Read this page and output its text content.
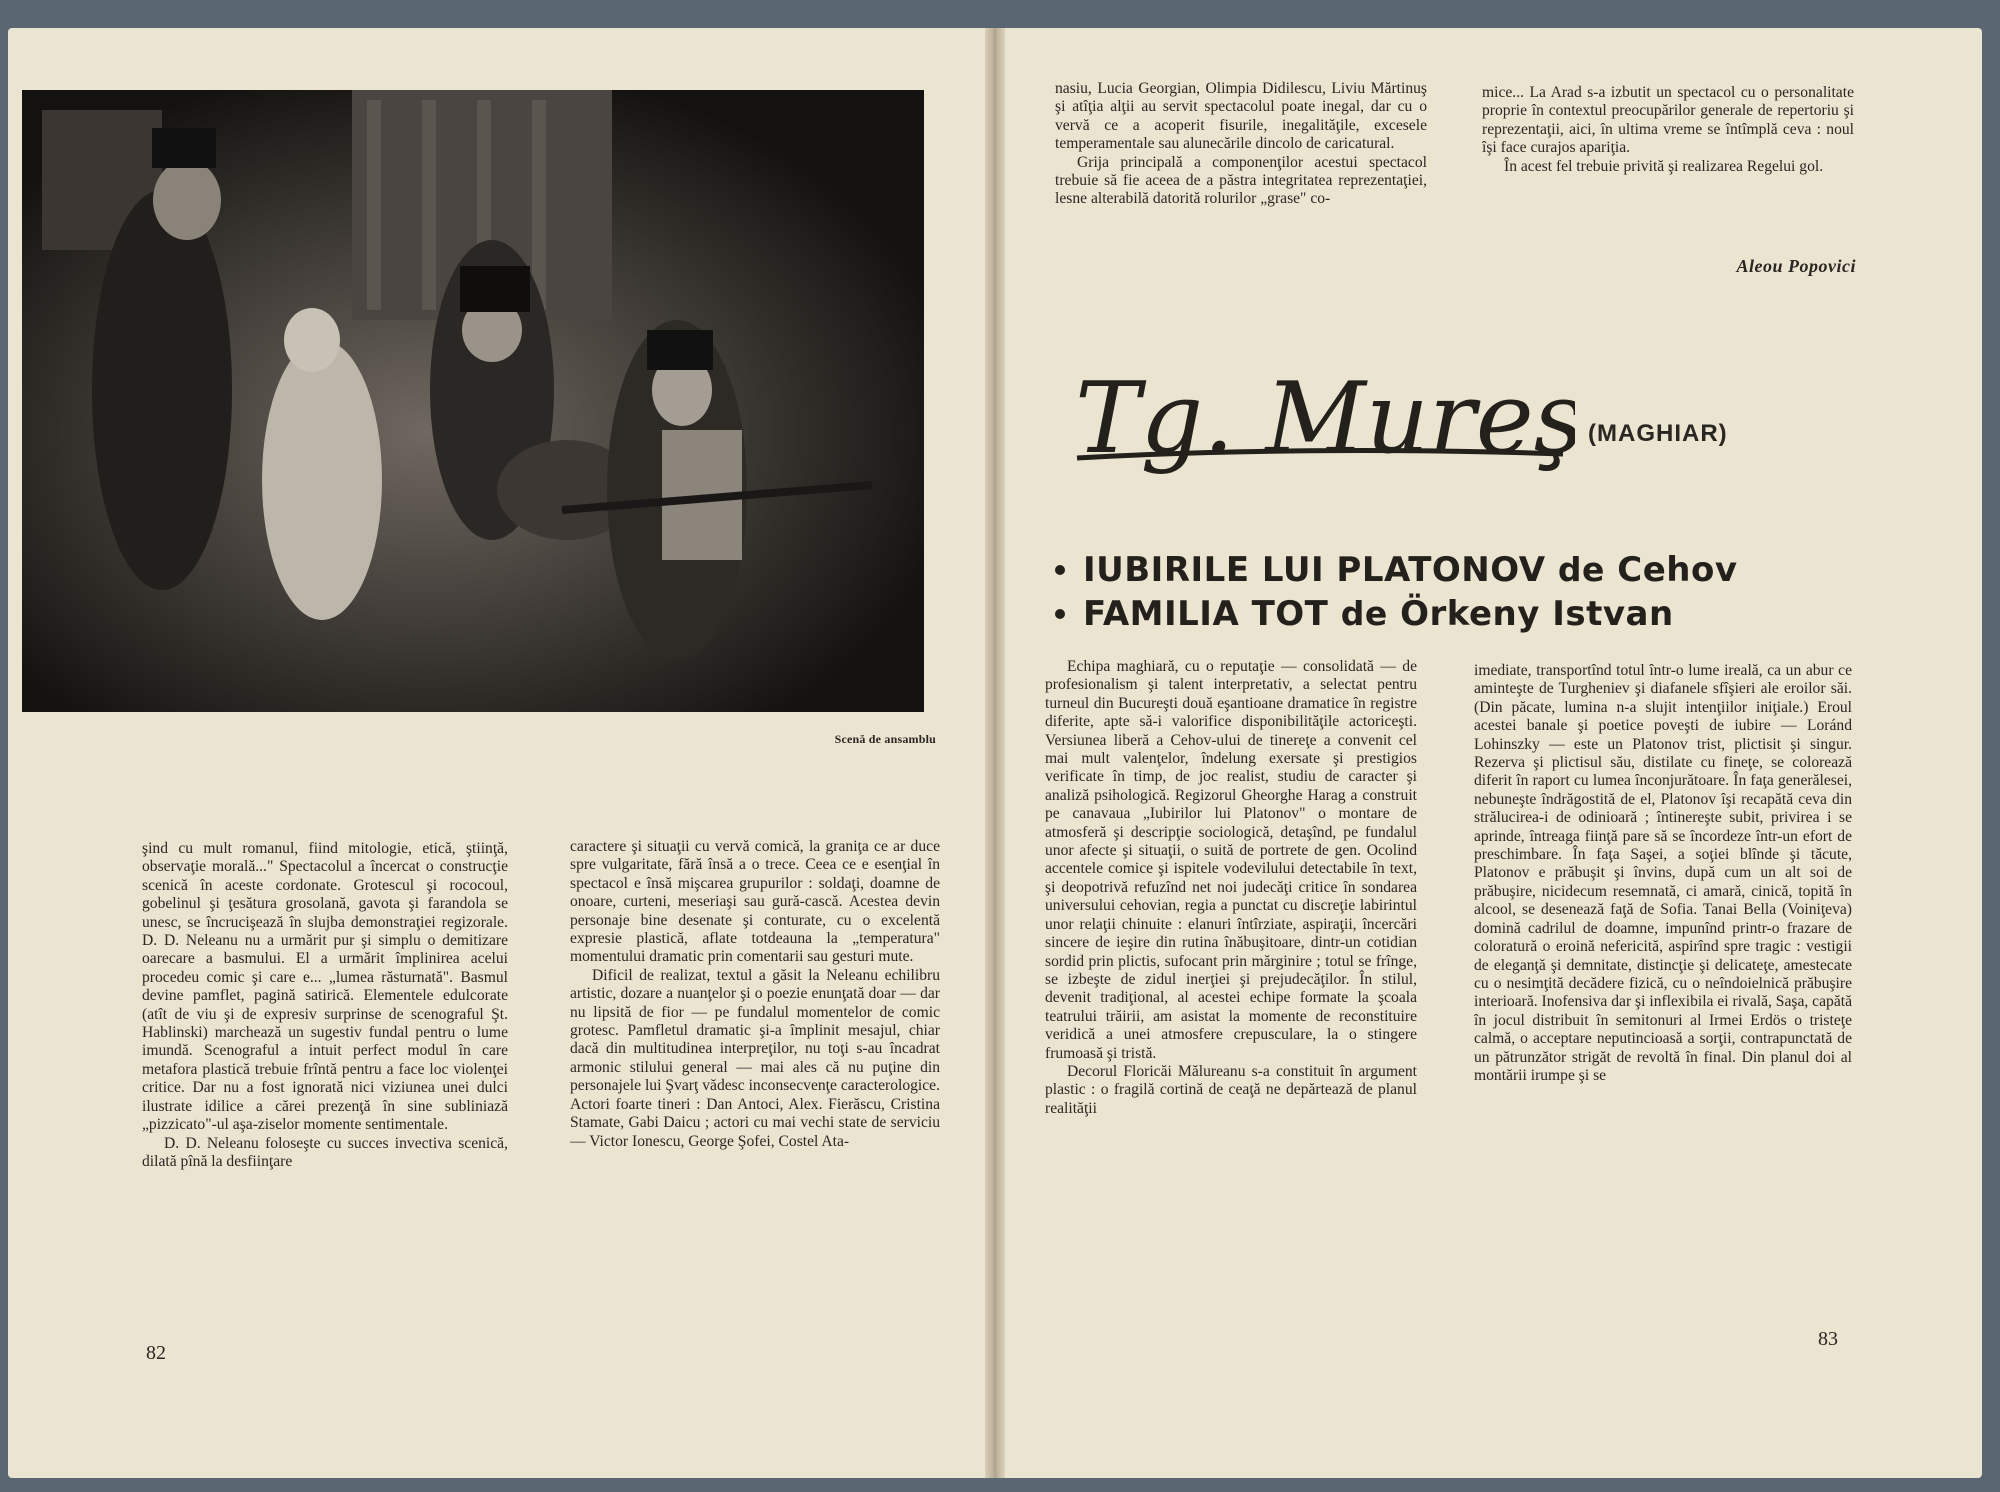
Scenă de ansamblu

şind cu mult romanul, fiind mitologie, etică, ştiinţă, observaţie morală..." Spectacolul a încercat o construcţie scenică în aceste cordonate. Grotescul şi rococoul, gobelinul şi ţesătura grosolană, gavota şi farandola se unesc, se încrucişează în slujba demonstraţiei regizorale. D. D. Neleanu nu a urmărit pur şi simplu o demitizare oarecare a basmului. El a urmărit împlinirea acelui procedeu comic şi care e... „lumea răsturnată". Basmul devine pamflet, pagină satirică. Elementele edulcorate (atît de viu şi de expresiv surprinse de scenograful Şt. Hablinski) marchează un sugestiv fundal pentru o lume imundă. Scenograful a intuit perfect modul în care metafora plastică trebuie frîntă pentru a face loc violenţei critice. Dar nu a fost ignorată nici viziunea unei dulci ilustrate idilice a cărei prezenţă în sine subliniază „pizzicato"-ul aşa-ziselor momente sentimentale.

D. D. Neleanu foloseşte cu succes invectiva scenică, dilată pînă la desfiinţare

caractere şi situaţii cu vervă comică, la graniţa ce ar duce spre vulgaritate, fără însă a o trece. Ceea ce e esenţial în spectacol e însă mişcarea grupurilor : soldaţi, doamne de onoare, curteni, meseriaşi sau gură-cască. Acestea devin personaje bine desenate şi conturate, cu o excelentă expresie plastică, aflate totdeauna la „temperatura" momentului dramatic prin comentarii sau gesturi mute.

Dificil de realizat, textul a găsit la Neleanu echilibru artistic, dozare a nuanţelor şi o poezie enunţată doar — dar nu lipsită de fior — pe fundalul momentelor de comic grotesc. Pamfletul dramatic şi-a împlinit mesajul, chiar dacă din multitudinea interpreţilor, nu toţi s-au încadrat armonic stilului general — mai ales că nu puţine din personajele lui Şvarţ vădesc inconsecvenţe caracterologice. Actori foarte tineri : Dan Antoci, Alex. Fierăscu, Cristina Stamate, Gabi Daicu ; actori cu mai vechi state de serviciu — Victor Ionescu, George Şofei, Costel Ata-

82

nasiu, Lucia Georgian, Olimpia Didilescu, Liviu Mărtinuş şi atîţia alţii au servit spectacolul poate inegal, dar cu o vervă ce a acoperit fisurile, inegalităţile, excesele temperamentale sau alunecările dincolo de caricatural.

Grija principală a componenţilor acestui spectacol trebuie să fie aceea de a păstra integritatea reprezentaţiei, lesne alterabilă datorită rolurilor „grase" co-

mice... La Arad s-a izbutit un spectacol cu o personalitate proprie în contextul preocupărilor generale de repertoriu şi reprezentaţii, aici, în ultima vreme se întîmplă ceva : noul îşi face curajos apariţia.

În acest fel trebuie privită şi realizarea Regelui gol.

Aleou Popovici
Tg. Mureş (MAGHIAR)
IUBIRILE LUI PLATONOV de Cehov
FAMILIA TOT de Örkeny Istvan

Echipa maghiară, cu o reputaţie — consolidată — de profesionalism şi talent interpretativ, a selectat pentru turneul din Bucureşti două eşantioane dramatice în registre diferite, apte să-i valorifice disponibilităţile actoriceşti. Versiunea liberă a Cehov-ului de tinereţe a convenit cel mai mult valenţelor, îndelung exersate şi prestigios verificate în timp, de joc realist, studiu de caracter şi analiză psihologică. Regizorul Gheorghe Harag a construit pe canavaua „Iubirilor lui Platonov" o montare de atmosferă şi descripţie sociologică, detaşînd, pe fundalul unor afecte şi situaţii, o suită de portrete de gen. Ocolind accentele comice şi ispitele vodevilului detectabile în text, şi deopotrivă refuzînd net noi judecăţi critice în sondarea universului cehovian, regia a punctat cu discreţie labirintul unor relaţii chinuite : elanuri întîrziate, aspiraţii, încercări sincere de ieşire din rutina înăbuşitoare, dintr-un cotidian sordid prin plictis, sufocant prin mărginire ; totul se frînge, se izbeşte de zidul inerţiei şi prejudecăţilor. În stilul, devenit tradiţional, al acestei echipe formate la şcoala teatrului trăirii, am asistat la momente de reconstituire veridică a unei atmosfere crepusculare, la o stingere frumoasă şi tristă.

Decorul Floricăi Mălureanu s-a constituit în argument plastic : o fragilă cortină de ceaţă ne depărtează de planul realităţii

imediate, transportînd totul într-o lume ireală, ca un abur ce aminteşte de Turgheniev şi diafanele sfîşieri ale eroilor săi. (Din păcate, lumina n-a slujit intenţiilor iniţiale.) Eroul acestei banale şi poetice poveşti de iubire — Loránd Lohinszky — este un Platonov trist, plictisit şi singur. Rezerva şi plictisul său, distilate cu fineţe, se colorează diferit în raport cu lumea înconjurătoare. În faţa generălesei, nebuneşte îndrăgostită de el, Platonov îşi recapătă ceva din strălucirea-i de odinioară ; întinereşte subit, privirea i se aprinde, întreaga fiinţă pare să se încordeze într-un efort de preschimbare. În faţa Saşei, a soţiei blînde şi tăcute, Platonov e prăbuşit şi învins, după cum un alt soi de prăbuşire, nicidecum resemnată, ci amară, cinică, topită în alcool, se desenează faţă de Sofia. Tanai Bella (Voiniţeva) domină cadrilul de doamne, impunînd printr-o frazare de coloratură o eroină nefericită, aspirînd spre tragic : vestigii de eleganţă şi demnitate, distincţie şi delicateţe, amestecate cu o nesimţită decădere fizică, cu o neîndoielnică prăbuşire interioară. Inofensiva dar şi inflexibila ei rivală, Saşa, capătă în jocul distribuit în semitonuri al Irmei Erdös o tristeţe calmă, o acceptare neputincioasă a sorţii, contrapunctată de un pătrunzător strigăt de revoltă în final. Din planul doi al montării irumpe şi se

83
